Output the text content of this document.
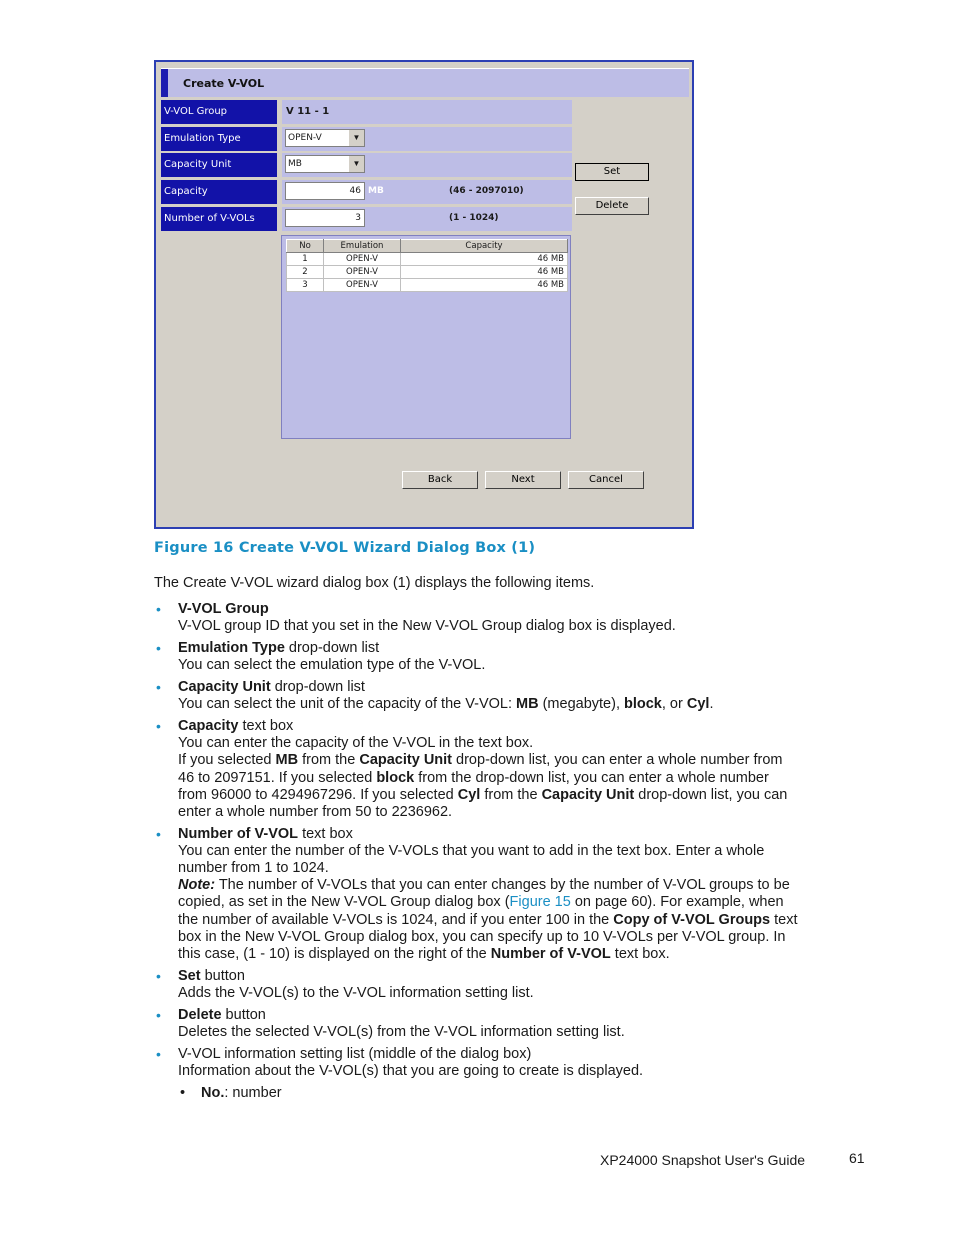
Create V-VOL
V-VOL Group	V 11 - 1
Emulation Type	OPEN-V	▼
Capacity Unit	MB	▼
Capacity	46 MB	(46 - 2097010)
Number of V-VOLs	3	(1 - 1024)
Set
Delete
No	Emulation	Capacity
1	OPEN-V	46 MB
2	OPEN-V	46 MB
3	OPEN-V	46 MB
Back	Next	Cancel
Figure 16 Create V-VOL Wizard Dialog Box (1)
The Create V-VOL wizard dialog box (1) displays the following items.
• V-VOL Group
V-VOL group ID that you set in the New V-VOL Group dialog box is displayed.
• Emulation Type drop-down list
You can select the emulation type of the V-VOL.
• Capacity Unit drop-down list
You can select the unit of the capacity of the V-VOL: MB (megabyte), block, or Cyl.
• Capacity text box
You can enter the capacity of the V-VOL in the text box.
If you selected MB from the Capacity Unit drop-down list, you can enter a whole number from
46 to 2097151. If you selected block from the drop-down list, you can enter a whole number
from 96000 to 4294967296. If you selected Cyl from the Capacity Unit drop-down list, you can
enter a whole number from 50 to 2236962.
• Number of V-VOL text box
You can enter the number of the V-VOLs that you want to add in the text box. Enter a whole
number from 1 to 1024.
Note: The number of V-VOLs that you can enter changes by the number of V-VOL groups to be
copied, as set in the New V-VOL Group dialog box (Figure 15 on page 60). For example, when
the number of available V-VOLs is 1024, and if you enter 100 in the Copy of V-VOL Groups text
box in the New V-VOL Group dialog box, you can specify up to 10 V-VOLs per V-VOL group. In
this case, (1 - 10) is displayed on the right of the Number of V-VOL text box.
• Set button
Adds the V-VOL(s) to the V-VOL information setting list.
• Delete button
Deletes the selected V-VOL(s) from the V-VOL information setting list.
• V-VOL information setting list (middle of the dialog box)
Information about the V-VOL(s) that you are going to create is displayed.
• No.: number
XP24000 Snapshot User's Guide	61
